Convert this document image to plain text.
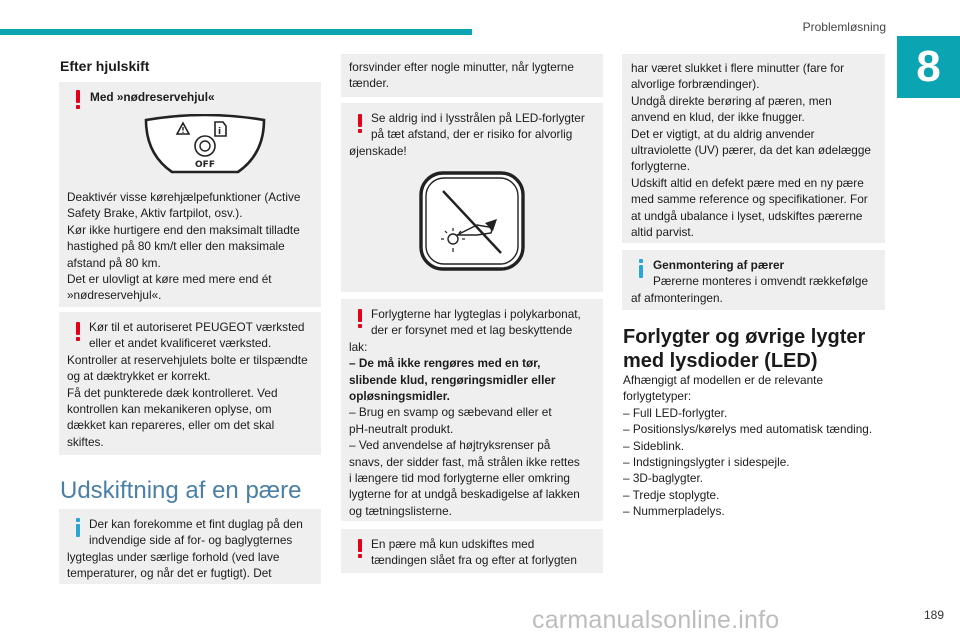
Problemløsning
8
Efter hjulskift
Med »nødreservehjul«
i
OFF
Deaktivér visse kørehjælpefunktioner (Active
Safety Brake, Aktiv fartpilot, osv.).
Kør ikke hurtigere end den maksimalt tilladte
hastighed på 80 km/t eller den maksimale
afstand på 80 km.
Det er ulovligt at køre med mere end ét
»nødreservehjul«.
Kør til et autoriseret PEUGEOT værksted
eller et andet kvalificeret værksted.
Kontroller at reservehjulets bolte er tilspændte
og at dæktrykket er korrekt.
Få det punkterede dæk kontrolleret. Ved
kontrollen kan mekanikeren oplyse, om
dækket kan repareres, eller om det skal
skiftes.
Udskiftning af en pære
Der kan forekomme et fint duglag på den
indvendige side af for- og baglygternes
lygteglas under særlige forhold (ved lave
temperaturer, og når det er fugtigt). Det
forsvinder efter nogle minutter, når lygterne
tænder.
Se aldrig ind i lysstrålen på LED-forlygter
på tæt afstand, der er risiko for alvorlig
øjenskade!
Forlygterne har lygteglas i polykarbonat,
der er forsynet med et lag beskyttende
lak:
– De må ikke rengøres med en tør,
slibende klud, rengøringsmidler eller
opløsningsmidler.
– Brug en svamp og sæbevand eller et
pH-neutralt produkt.
– Ved anvendelse af højtryksrenser på
snavs, der sidder fast, må strålen ikke rettes
i længere tid mod forlygterne eller omkring
lygterne for at undgå beskadigelse af lakken
og tætningslisterne.
En pære må kun udskiftes med
tændingen slået fra og efter at forlygten
har været slukket i flere minutter (fare for
alvorlige forbrændinger).
Undgå direkte berøring af pæren, men
anvend en klud, der ikke fnugger.
Det er vigtigt, at du aldrig anvender
ultraviolette (UV) pærer, da det kan ødelægge
forlygterne.
Udskift altid en defekt pære med en ny pære
med samme reference og specifikationer. For
at undgå ubalance i lyset, udskiftes pærerne
altid parvist.
Genmontering af pærer
Pærerne monteres i omvendt rækkefølge
af afmonteringen.
Forlygter og øvrige lygter
med lysdioder (LED)
Afhængigt af modellen er de relevante
forlygtetyper:
– Full LED-forlygter.
– Positionslys/kørelys med automatisk tænding.
– Sideblink.
– Indstigningslygter i sidespejle.
– 3D-baglygter.
– Tredje stoplygte.
– Nummerpladelys.
carmanualsonline.info	189
